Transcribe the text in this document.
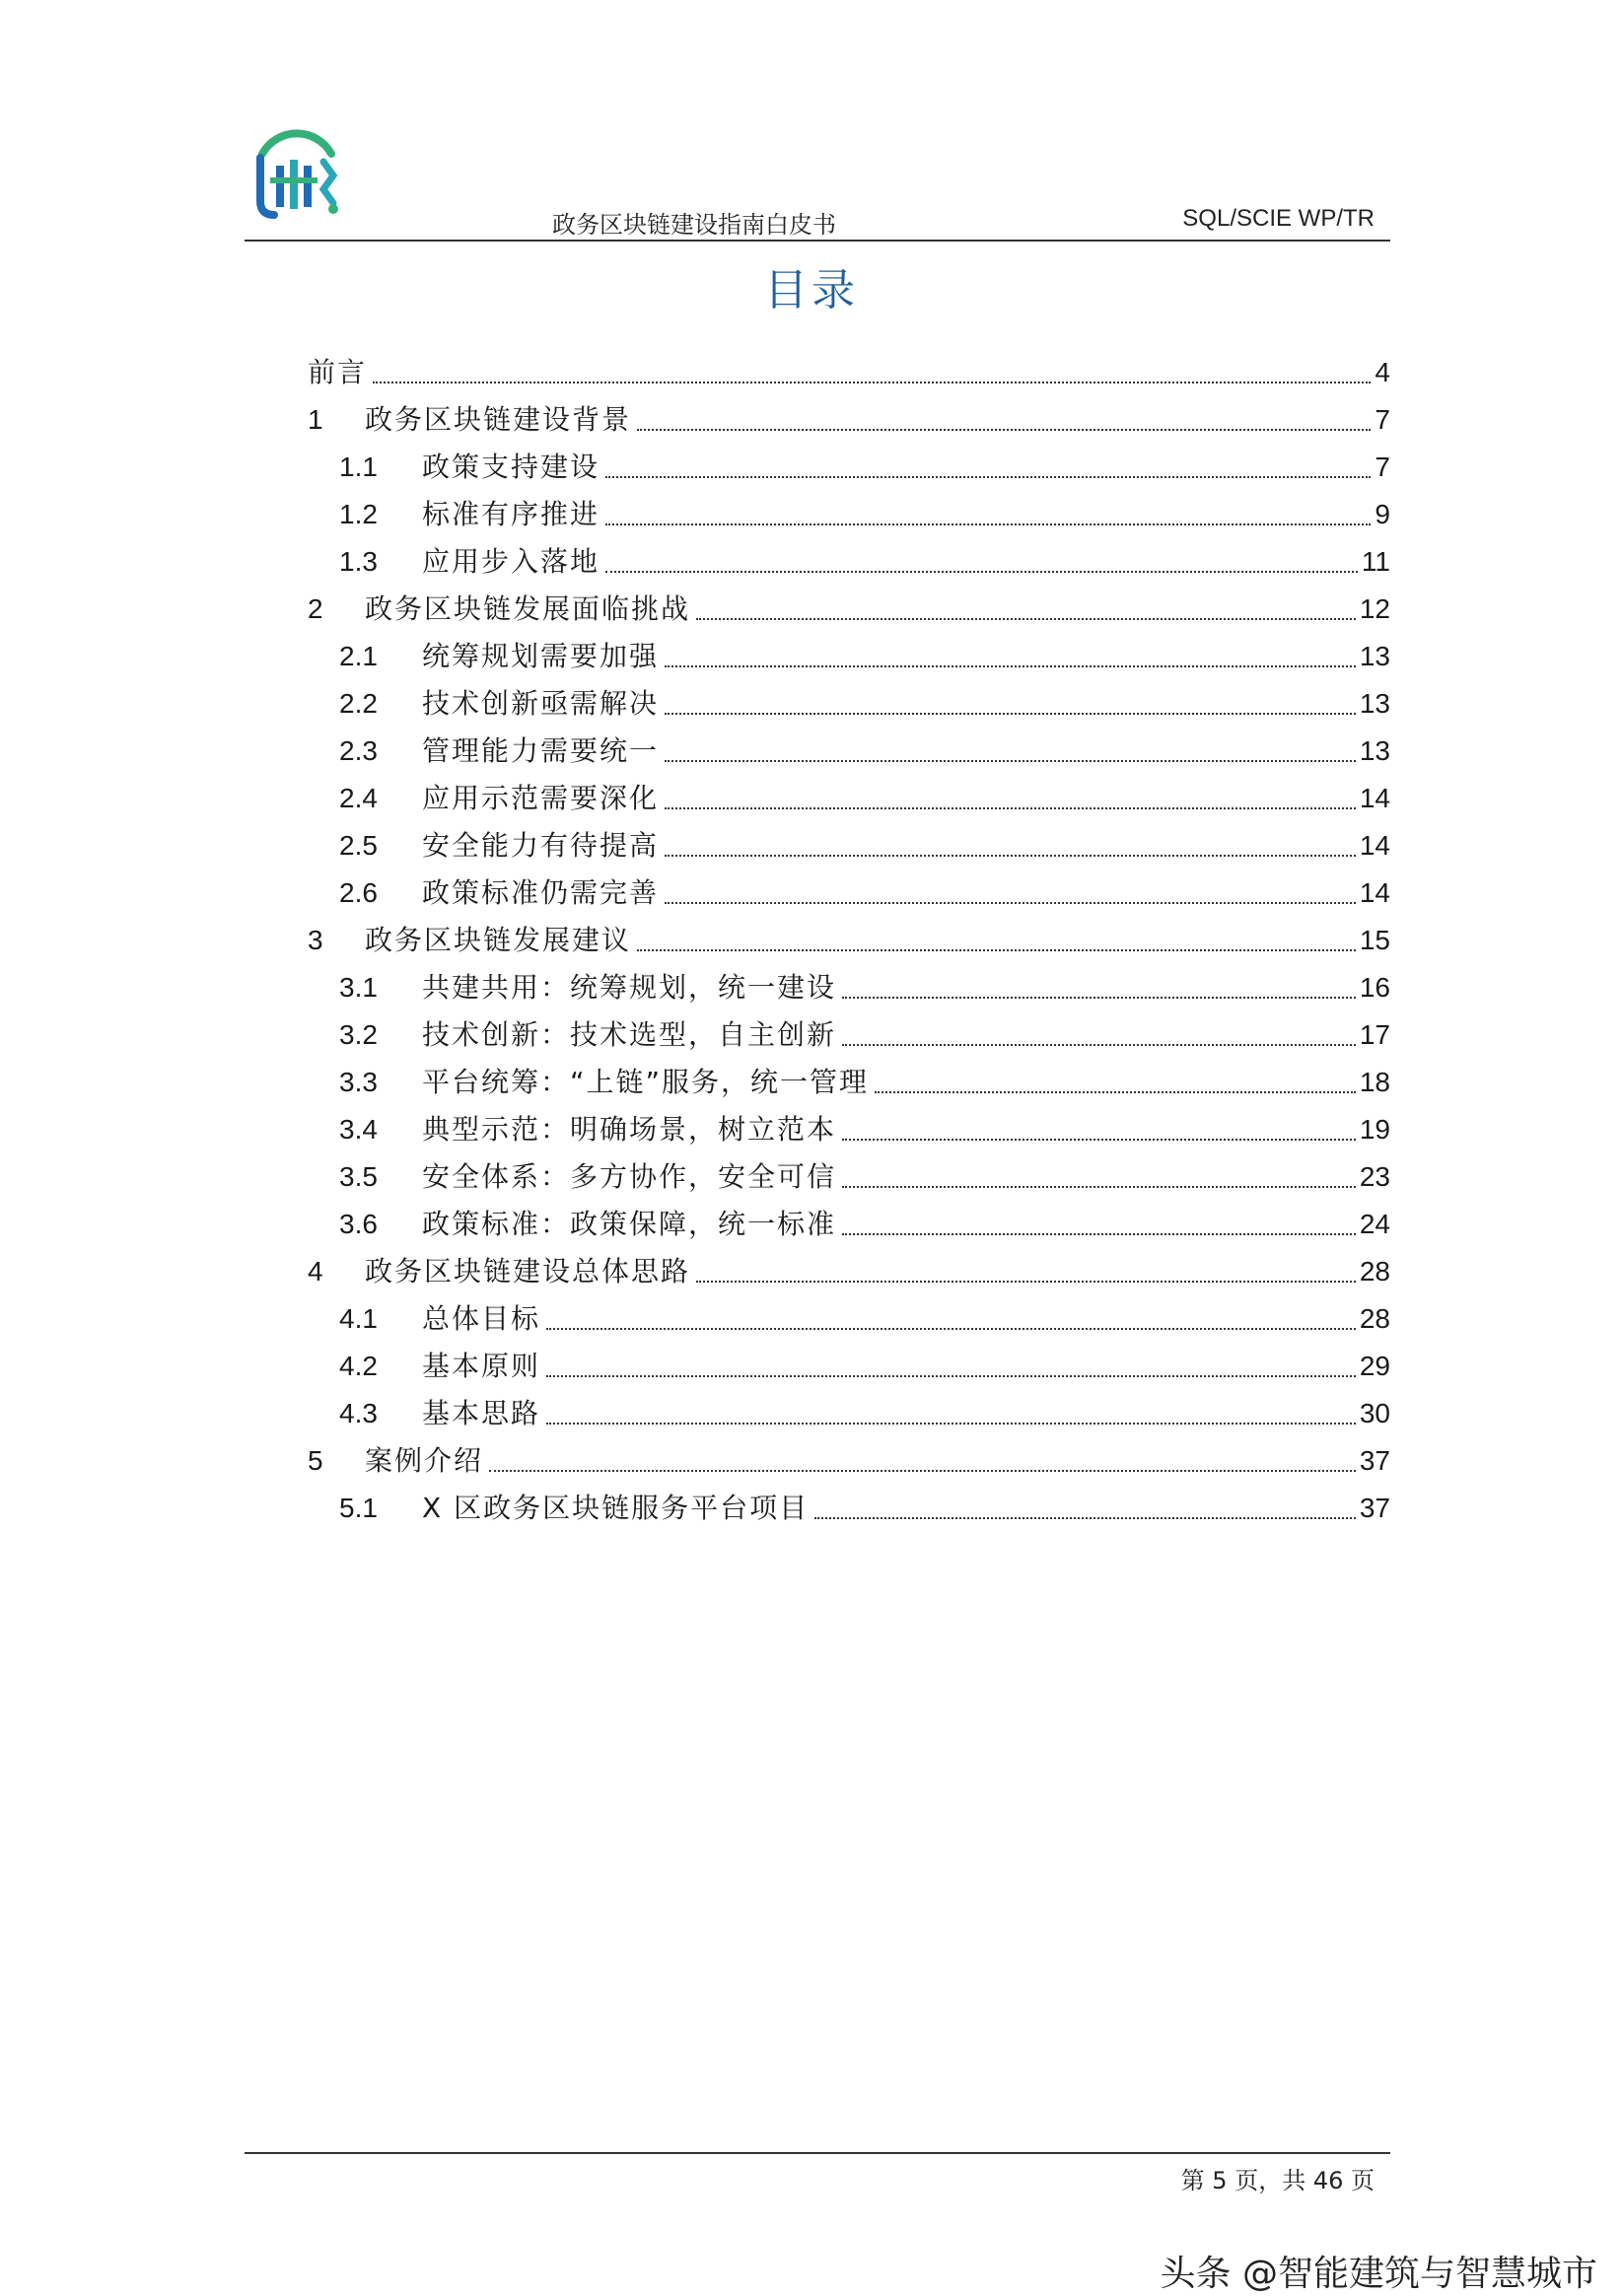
政务区块链建设指南白皮书	SQL/SCIE WP/TR
目录
前言	4
1	政务区块链建设背景	7
1.1	政策支持建设	7
1.2	标准有序推进	9
1.3	应用步入落地	11
2	政务区块链发展面临挑战	12
2.1	统筹规划需要加强	13
2.2	技术创新亟需解决	13
2.3	管理能力需要统一	13
2.4	应用示范需要深化	14
2.5	安全能力有待提高	14
2.6	政策标准仍需完善	14
3	政务区块链发展建议	15
3.1	共建共用：统筹规划，统一建设	16
3.2	技术创新：技术选型，自主创新	17
3.3	平台统筹：“上链”服务，统一管理	18
3.4	典型示范：明确场景，树立范本	19
3.5	安全体系：多方协作，安全可信	23
3.6	政策标准：政策保障，统一标准	24
4	政务区块链建设总体思路	28
4.1	总体目标	28
4.2	基本原则	29
4.3	基本思路	30
5	案例介绍	37
5.1	X 区政务区块链服务平台项目	37
第 5 页，共 46 页
头条 @智能建筑与智慧城市
